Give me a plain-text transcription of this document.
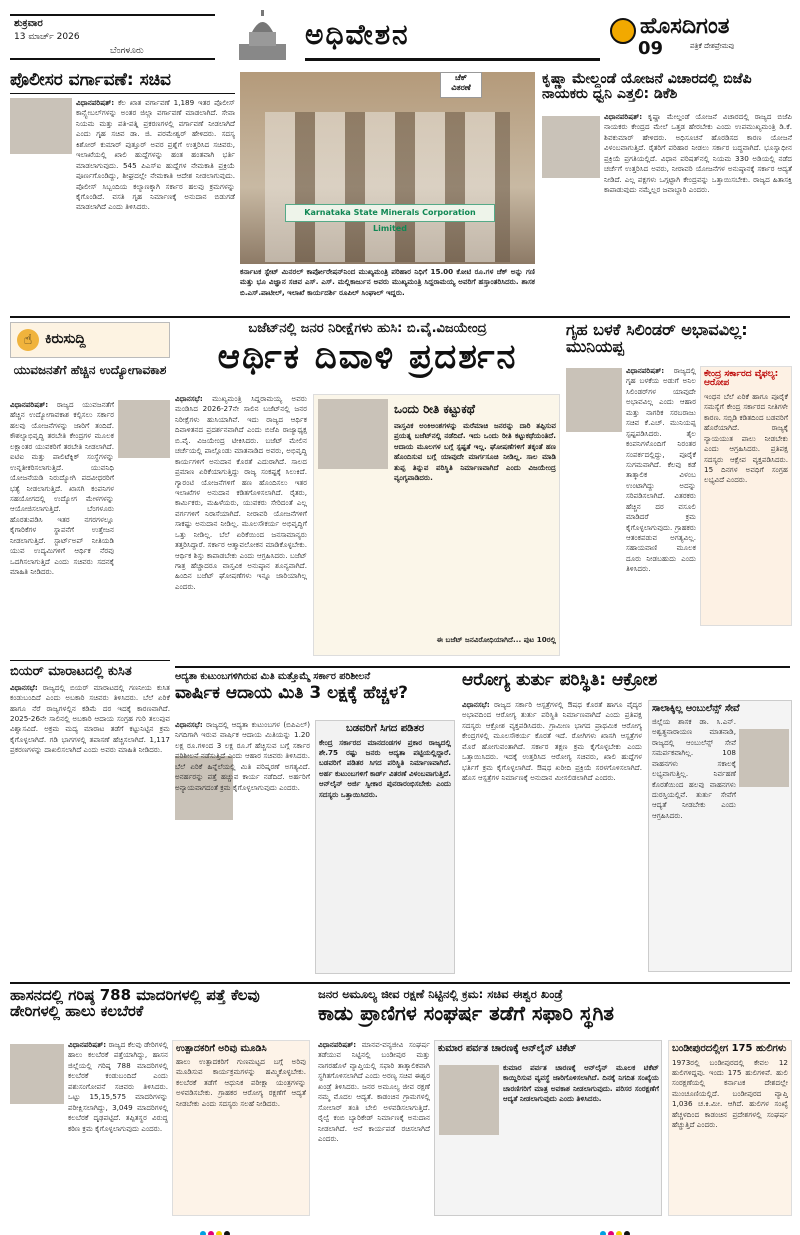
ಶುಕ್ರವಾರ
13 ಮಾರ್ಚ್ 2026
ಬೆಂಗಳೂರು	ಅಧಿವೇಶನ	ಹೊಸದಿಗಂತ
ಪತ್ರಿಕೆ ದೇಶಪ್ರೇಮವು
09
ಪೊಲೀಸರ ವರ್ಗಾವಣೆ: ಸಚಿವ
ವಿಧಾನಪರಿಷತ್: ಕೆಲ ಖಾತ ವರ್ಗಾವಣೆ 1,189 ಇತರ ಪೊಲೀಸ್ ಕಾನ್ಸ್ಟೇಬಲ್‌ಗಳನ್ನು ಅಂತರ ಜಿಲ್ಲಾ ವರ್ಗಾವಣೆ ಮಾಡಲಾಗಿದೆ. ಸೇವಾ ನಿಯಮ ಮತ್ತು ಪತಿ-ಪತ್ನಿ ಪ್ರಕರಣಗಳಲ್ಲಿ ವರ್ಗಾವಣೆ ನೀಡಲಾಗಿದೆ ಎಂದು ಗೃಹ ಸಚಿವ ಡಾ. ಜಿ. ಪರಮೇಶ್ವರ್ ಹೇಳಿದರು. ಸದಸ್ಯ ಕಿಶೋರ್ ಕುಮಾರ್ ಪುತ್ತೂರ್ ಅವರ ಪ್ರಶ್ನೆಗೆ ಉತ್ತರಿಸಿದ ಸಚಿವರು, ಇಲಾಖೆಯಲ್ಲಿ ಖಾಲಿ ಹುದ್ದೆಗಳನ್ನು ಹಂತ ಹಂತವಾಗಿ ಭರ್ತಿ ಮಾಡಲಾಗುವುದು. 545 ಪಿಎಸ್‌ಐ ಹುದ್ದೆಗಳ ನೇಮಕಾತಿ ಪ್ರಕ್ರಿಯೆ ಪೂರ್ಣಗೊಂಡಿದ್ದು, ಶೀಘ್ರದಲ್ಲೇ ನೇಮಕಾತಿ ಆದೇಶ ನೀಡಲಾಗುವುದು. ಪೊಲೀಸ್ ಸಿಬ್ಬಂದಿಯ ಕಲ್ಯಾಣಕ್ಕಾಗಿ ಸರ್ಕಾರ ಹಲವು ಕ್ರಮಗಳನ್ನು ಕೈಗೊಂಡಿದೆ. ವಸತಿ ಗೃಹ ನಿರ್ಮಾಣಕ್ಕೆ ಅನುದಾನ ಬಿಡುಗಡೆ ಮಾಡಲಾಗಿದೆ ಎಂದು ತಿಳಿಸಿದರು.
Karnataka State Minerals Corporation Limited
ಚೆಕ್
ವಿತರಣೆ
ಕರ್ನಾಟಕ ಸ್ಟೇಟ್ ಮಿನರಲ್ ಕಾರ್ಪೋರೇಷನ್‌ನಿಂದ ಮುಖ್ಯಮಂತ್ರಿ ಪರಿಹಾರ ನಿಧಿಗೆ 15.00 ಕೋಟಿ ರೂ.ಗಳ ಚೆಕ್ ಅನ್ನು ಗಣಿ ಮತ್ತು ಭೂ ವಿಜ್ಞಾನ ಸಚಿವ ಎಸ್. ಎಸ್. ಮಲ್ಲಿಕಾರ್ಜುನ ಅವರು ಮುಖ್ಯಮಂತ್ರಿ ಸಿದ್ದರಾಮಯ್ಯ ಅವರಿಗೆ ಹಸ್ತಾಂತರಿಸಿದರು. ಶಾಸಕ ಬಿ.ಎಸ್.ಪಾಟೀಲ್, ಇಲಾಖೆ ಕಾರ್ಯದರ್ಶಿ ರೂಪಿಲ್ ಸಿಂಘಾಲ್ ಇದ್ದರು.
ಕೃಷ್ಣಾ ಮೇಲ್ದಂಡೆ ಯೋಜನೆ ವಿಚಾರದಲ್ಲಿ ಬಿಜೆಪಿ ನಾಯಕರು ಧ್ವನಿ ಎತ್ತಲಿ: ಡಿಕೆಶಿ
ವಿಧಾನಪರಿಷತ್: ಕೃಷ್ಣಾ ಮೇಲ್ದಂಡೆ ಯೋಜನೆ ವಿಚಾರದಲ್ಲಿ ರಾಜ್ಯದ ಬಿಜೆಪಿ ನಾಯಕರು ಕೇಂದ್ರದ ಮೇಲೆ ಒತ್ತಡ ಹೇರಬೇಕು ಎಂದು ಉಪಮುಖ್ಯಮಂತ್ರಿ ಡಿ.ಕೆ. ಶಿವಕುಮಾರ್ ಹೇಳಿದರು. ಅಧಿಸೂಚನೆ ಹೊರಡಿಸದ ಕಾರಣ ಯೋಜನೆ ವಿಳಂಬವಾಗುತ್ತಿದೆ. ರೈತರಿಗೆ ಪರಿಹಾರ ನೀಡಲು ಸರ್ಕಾರ ಬದ್ಧವಾಗಿದೆ. ಭೂಸ್ವಾಧೀನ ಪ್ರಕ್ರಿಯೆ ಪ್ರಗತಿಯಲ್ಲಿದೆ. ವಿಧಾನ ಪರಿಷತ್‌ನಲ್ಲಿ ನಿಯಮ 330 ಅಡಿಯಲ್ಲಿ ನಡೆದ ಚರ್ಚೆಗೆ ಉತ್ತರಿಸಿದ ಅವರು, ನೀರಾವರಿ ಯೋಜನೆಗಳ ಅನುಷ್ಠಾನಕ್ಕೆ ಸರ್ಕಾರ ಆದ್ಯತೆ ನೀಡಿದೆ. ಎಲ್ಲ ಪಕ್ಷಗಳು ಒಗ್ಗಟ್ಟಾಗಿ ಕೇಂದ್ರವನ್ನು ಒತ್ತಾಯಿಸಬೇಕು. ರಾಜ್ಯದ ಹಿತಾಸಕ್ತಿ ಕಾಪಾಡುವುದು ನಮ್ಮೆಲ್ಲರ ಜವಾಬ್ದಾರಿ ಎಂದರು.
☝ ಕಿರುಸುದ್ದಿ
ಯುವಜನತೆಗೆ ಹೆಚ್ಚಿನ ಉದ್ಯೋಗಾವಕಾಶ
ವಿಧಾನಪರಿಷತ್: ರಾಜ್ಯದ ಯುವಜನತೆಗೆ ಹೆಚ್ಚಿನ ಉದ್ಯೋಗಾವಕಾಶ ಕಲ್ಪಿಸಲು ಸರ್ಕಾರ ಹಲವು ಯೋಜನೆಗಳನ್ನು ಜಾರಿಗೆ ತಂದಿದೆ. ಕೌಶಲ್ಯಾಭಿವೃದ್ಧಿ ತರಬೇತಿ ಕೇಂದ್ರಗಳ ಮೂಲಕ ಲಕ್ಷಾಂತರ ಯುವಕರಿಗೆ ತರಬೇತಿ ನೀಡಲಾಗಿದೆ. ಐಟಿಐ ಮತ್ತು ಪಾಲಿಟೆಕ್ನಿಕ್ ಸಂಸ್ಥೆಗಳನ್ನು ಉನ್ನತೀಕರಿಸಲಾಗುತ್ತಿದೆ. ಯುವನಿಧಿ ಯೋಜನೆಯಡಿ ನಿರುದ್ಯೋಗಿ ಪದವೀಧರರಿಗೆ ಭತ್ಯೆ ನೀಡಲಾಗುತ್ತಿದೆ. ಖಾಸಗಿ ಕಂಪನಿಗಳ ಸಹಯೋಗದಲ್ಲಿ ಉದ್ಯೋಗ ಮೇಳಗಳನ್ನು ಆಯೋಜಿಸಲಾಗುತ್ತಿದೆ. ಬೆಂಗಳೂರು ಹೊರತುಪಡಿಸಿ ಇತರ ನಗರಗಳಲ್ಲೂ ಕೈಗಾರಿಕೆಗಳ ಸ್ಥಾಪನೆಗೆ ಉತ್ತೇಜನ ನೀಡಲಾಗುತ್ತಿದೆ. ಸ್ಟಾರ್ಟ್‌ಅಪ್ ನೀತಿಯಡಿ ಯುವ ಉದ್ಯಮಿಗಳಿಗೆ ಆರ್ಥಿಕ ನೆರವು ಒದಗಿಸಲಾಗುತ್ತಿದೆ ಎಂದು ಸಚಿವರು ಸದನಕ್ಕೆ ಮಾಹಿತಿ ನೀಡಿದರು.
ಬಜೆಟ್‌ನಲ್ಲಿ ಜನರ ನಿರೀಕ್ಷೆಗಳು ಹುಸಿ: ಬಿ.ವೈ.ವಿಜಯೇಂದ್ರ
ಆರ್ಥಿಕ ದಿವಾಳಿ ಪ್ರದರ್ಶನ
ವಿಧಾನಸಭೆ: ಮುಖ್ಯಮಂತ್ರಿ ಸಿದ್ದರಾಮಯ್ಯ ಅವರು ಮಂಡಿಸಿದ 2026-27ನೇ ಸಾಲಿನ ಬಜೆಟ್‌ನಲ್ಲಿ ಜನರ ನಿರೀಕ್ಷೆಗಳು ಹುಸಿಯಾಗಿವೆ. ಇದು ರಾಜ್ಯದ ಆರ್ಥಿಕ ದಿವಾಳಿತನದ ಪ್ರದರ್ಶನವಾಗಿದೆ ಎಂದು ಬಿಜೆಪಿ ರಾಜ್ಯಾಧ್ಯಕ್ಷ ಬಿ.ವೈ. ವಿಜಯೇಂದ್ರ ಟೀಕಿಸಿದರು. ಬಜೆಟ್ ಮೇಲಿನ ಚರ್ಚೆಯಲ್ಲಿ ಪಾಲ್ಗೊಂಡು ಮಾತನಾಡಿದ ಅವರು, ಅಭಿವೃದ್ಧಿ ಕಾರ್ಯಗಳಿಗೆ ಅನುದಾನ ಕೊರತೆ ಎದುರಾಗಿದೆ. ಸಾಲದ ಪ್ರಮಾಣ ಏರಿಕೆಯಾಗುತ್ತಿದ್ದು ರಾಜ್ಯ ಸಂಕಷ್ಟಕ್ಕೆ ಸಿಲುಕಿದೆ. ಗ್ಯಾರಂಟಿ ಯೋಜನೆಗಳಿಗೆ ಹಣ ಹೊಂದಿಸಲು ಇತರ ಇಲಾಖೆಗಳ ಅನುದಾನ ಕಡಿತಗೊಳಿಸಲಾಗಿದೆ. ರೈತರು, ಕಾರ್ಮಿಕರು, ಮಹಿಳೆಯರು, ಯುವಕರು ಸೇರಿದಂತೆ ಎಲ್ಲ ವರ್ಗಗಳಿಗೆ ನಿರಾಸೆಯಾಗಿದೆ. ನೀರಾವರಿ ಯೋಜನೆಗಳಿಗೆ ಸಾಕಷ್ಟು ಅನುದಾನ ನೀಡಿಲ್ಲ. ಮೂಲಸೌಕರ್ಯ ಅಭಿವೃದ್ಧಿಗೆ ಒತ್ತು ನೀಡಿಲ್ಲ. ಬೆಲೆ ಏರಿಕೆಯಿಂದ ಜನಸಾಮಾನ್ಯರು ತತ್ತರಿಸಿದ್ದಾರೆ. ಸರ್ಕಾರ ಆತ್ಮಾವಲೋಕನ ಮಾಡಿಕೊಳ್ಳಬೇಕು. ಆರ್ಥಿಕ ಶಿಸ್ತು ಕಾಪಾಡಬೇಕು ಎಂದು ಆಗ್ರಹಿಸಿದರು. ಬಜೆಟ್ ಗಾತ್ರ ಹೆಚ್ಚಾದರೂ ವಾಸ್ತವಿಕ ಅನುಷ್ಠಾನ ಶೂನ್ಯವಾಗಿದೆ. ಹಿಂದಿನ ಬಜೆಟ್ ಘೋಷಣೆಗಳು ಇನ್ನೂ ಜಾರಿಯಾಗಿಲ್ಲ ಎಂದರು.
ಒಂದು ರೀತಿ ಕಟ್ಟುಕಥೆ
ವಾಸ್ತವಿಕ ಅಂಕಿಅಂಶಗಳನ್ನು ಮರೆಮಾಚಿ ಜನರನ್ನು ದಾರಿ ತಪ್ಪಿಸುವ ಪ್ರಯತ್ನ ಬಜೆಟ್‌ನಲ್ಲಿ ನಡೆದಿದೆ. ಇದು ಒಂದು ರೀತಿ ಕಟ್ಟುಕಥೆಯಂತಿದೆ. ಆದಾಯ ಮೂಲಗಳ ಬಗ್ಗೆ ಸ್ಪಷ್ಟತೆ ಇಲ್ಲ. ಘೋಷಣೆಗಳಿಗೆ ತಕ್ಕಂತೆ ಹಣ ಹೊಂದಿಸುವ ಬಗ್ಗೆ ಯಾವುದೇ ಮಾರ್ಗಸೂಚಿ ನೀಡಿಲ್ಲ. ಸಾಲ ಮಾಡಿ ತುಪ್ಪ ತಿನ್ನುವ ಪರಿಸ್ಥಿತಿ ನಿರ್ಮಾಣವಾಗಿದೆ ಎಂದು ವಿಜಯೇಂದ್ರ ವ್ಯಂಗ್ಯವಾಡಿದರು.
ಈ ಬಜೆಟ್ ಜನವಿರೋಧಿಯಾಗಿದೆ... ಪುಟ 10ರಲ್ಲಿ
ಗೃಹ ಬಳಕೆ ಸಿಲಿಂಡರ್ ಅಭಾವವಿಲ್ಲ: ಮುನಿಯಪ್ಪ
ವಿಧಾನಪರಿಷತ್: ರಾಜ್ಯದಲ್ಲಿ ಗೃಹ ಬಳಕೆಯ ಅಡುಗೆ ಅನಿಲ ಸಿಲಿಂಡರ್‌ಗಳ ಯಾವುದೇ ಅಭಾವವಿಲ್ಲ ಎಂದು ಆಹಾರ ಮತ್ತು ನಾಗರಿಕ ಸರಬರಾಜು ಸಚಿವ ಕೆ.ಎಚ್. ಮುನಿಯಪ್ಪ ಸ್ಪಷ್ಟಪಡಿಸಿದರು. ತೈಲ ಕಂಪನಿಗಳೊಂದಿಗೆ ನಿರಂತರ ಸಂಪರ್ಕದಲ್ಲಿದ್ದು, ಪೂರೈಕೆ ಸುಗಮವಾಗಿದೆ. ಕೆಲವು ಕಡೆ ತಾತ್ಕಾಲಿಕ ವಿಳಂಬ ಉಂಟಾಗಿದ್ದು ಅದನ್ನು ಸರಿಪಡಿಸಲಾಗಿದೆ. ವಿತರಕರು ಹೆಚ್ಚಿನ ದರ ವಸೂಲಿ ಮಾಡಿದರೆ ಕ್ರಮ ಕೈಗೊಳ್ಳಲಾಗುವುದು. ಗ್ರಾಹಕರು ಆತಂಕಪಡುವ ಅಗತ್ಯವಿಲ್ಲ. ಸಹಾಯವಾಣಿ ಮೂಲಕ ದೂರು ನೀಡಬಹುದು ಎಂದು ತಿಳಿಸಿದರು.
ಕೇಂದ್ರ ಸರ್ಕಾರದ ವೈಫಲ್ಯ: ಆರೋಪ
ಇಂಧನ ಬೆಲೆ ಏರಿಕೆ ಹಾಗೂ ಪೂರೈಕೆ ಸಮಸ್ಯೆಗೆ ಕೇಂದ್ರ ಸರ್ಕಾರದ ನೀತಿಗಳೇ ಕಾರಣ. ಸಬ್ಸಿಡಿ ಕಡಿತದಿಂದ ಬಡವರಿಗೆ ಹೊರೆಯಾಗಿದೆ. ರಾಜ್ಯಕ್ಕೆ ನ್ಯಾಯಯುತ ಪಾಲು ನೀಡಬೇಕು ಎಂದು ಆಗ್ರಹಿಸಿದರು. ಪ್ರತಿಪಕ್ಷ ಸದಸ್ಯರು ಆಕ್ಷೇಪ ವ್ಯಕ್ತಪಡಿಸಿದರು. 15 ದಿನಗಳ ಅವಧಿಗೆ ಸಂಗ್ರಹ ಲಭ್ಯವಿದೆ ಎಂದರು.
ಬಿಯರ್ ಮಾರಾಟದಲ್ಲಿ ಕುಸಿತ
ವಿಧಾನಸಭೆ: ರಾಜ್ಯದಲ್ಲಿ ಬಿಯರ್ ಮಾರಾಟದಲ್ಲಿ ಗಣನೀಯ ಕುಸಿತ ಕಂಡುಬಂದಿದೆ ಎಂದು ಅಬಕಾರಿ ಸಚಿವರು ತಿಳಿಸಿದರು. ಬೆಲೆ ಏರಿಕೆ ಹಾಗೂ ನೆರೆ ರಾಜ್ಯಗಳಲ್ಲಿನ ಕಡಿಮೆ ದರ ಇದಕ್ಕೆ ಕಾರಣವಾಗಿದೆ. 2025-26ನೇ ಸಾಲಿನಲ್ಲಿ ಅಬಕಾರಿ ಆದಾಯ ಸಂಗ್ರಹ ಗುರಿ ತಲುಪುವ ವಿಶ್ವಾಸವಿದೆ. ಅಕ್ರಮ ಮದ್ಯ ಮಾರಾಟ ತಡೆಗೆ ಕಟ್ಟುನಿಟ್ಟಿನ ಕ್ರಮ ಕೈಗೊಳ್ಳಲಾಗಿದೆ. ಗಡಿ ಭಾಗಗಳಲ್ಲಿ ತಪಾಸಣೆ ಹೆಚ್ಚಿಸಲಾಗಿದೆ. 1,117 ಪ್ರಕರಣಗಳನ್ನು ದಾಖಲಿಸಲಾಗಿದೆ ಎಂದು ಅವರು ಮಾಹಿತಿ ನೀಡಿದರು.
ಆದ್ಯತಾ ಕುಟುಂಬಗಳಿಗಿರುವ ಮಿತಿ ಮತ್ತೊಮ್ಮೆ ಸರ್ಕಾರ ಪರಿಶೀಲನೆ
ವಾರ್ಷಿಕ ಆದಾಯ ಮಿತಿ 3 ಲಕ್ಷಕ್ಕೆ ಹೆಚ್ಚಳ?
ವಿಧಾನಸಭೆ: ರಾಜ್ಯದಲ್ಲಿ ಆದ್ಯತಾ ಕುಟುಂಬಗಳ (ಬಿಪಿಎಲ್) ನಿಗದಿಗಾಗಿ ಇರುವ ವಾರ್ಷಿಕ ಆದಾಯ ಮಿತಿಯನ್ನು 1.20 ಲಕ್ಷ ರೂ.ಗಳಿಂದ 3 ಲಕ್ಷ ರೂ.ಗೆ ಹೆಚ್ಚಿಸುವ ಬಗ್ಗೆ ಸರ್ಕಾರ ಪರಿಶೀಲನೆ ನಡೆಸುತ್ತಿದೆ ಎಂದು ಆಹಾರ ಸಚಿವರು ತಿಳಿಸಿದರು. ಬೆಲೆ ಏರಿಕೆ ಹಿನ್ನೆಲೆಯಲ್ಲಿ ಮಿತಿ ಪರಿಷ್ಕರಣೆ ಅಗತ್ಯವಿದೆ. ಅನರ್ಹರನ್ನು ಪತ್ತೆ ಹಚ್ಚುವ ಕಾರ್ಯ ನಡೆದಿದೆ. ಅರ್ಹರಿಗೆ ಅನ್ಯಾಯವಾಗದಂತೆ ಕ್ರಮ ಕೈಗೊಳ್ಳಲಾಗುವುದು ಎಂದರು.
ಬಡವರಿಗೆ ಸಿಗದ ಪಡಿತರ
ಕೇಂದ್ರ ಸರ್ಕಾರದ ಮಾನದಂಡಗಳ ಪ್ರಕಾರ ರಾಜ್ಯದಲ್ಲಿ ಶೇ.75 ರಷ್ಟು ಜನರು ಆದ್ಯತಾ ಪಟ್ಟಿಯಲ್ಲಿದ್ದಾರೆ. ಬಡವರಿಗೆ ಪಡಿತರ ಸಿಗದ ಪರಿಸ್ಥಿತಿ ನಿರ್ಮಾಣವಾಗಿದೆ. ಅರ್ಹ ಕುಟುಂಬಗಳಿಗೆ ಕಾರ್ಡ್ ವಿತರಣೆ ವಿಳಂಬವಾಗುತ್ತಿದೆ. ಆನ್‌ಲೈನ್ ಅರ್ಜಿ ಸ್ವೀಕಾರ ಪುನರಾರಂಭಿಸಬೇಕು ಎಂದು ಸದಸ್ಯರು ಒತ್ತಾಯಿಸಿದರು.
ಆರೋಗ್ಯ ತುರ್ತು ಪರಿಸ್ಥಿತಿ: ಆಕ್ರೋಶ
ವಿಧಾನಸಭೆ: ರಾಜ್ಯದ ಸರ್ಕಾರಿ ಆಸ್ಪತ್ರೆಗಳಲ್ಲಿ ಔಷಧ ಕೊರತೆ ಹಾಗೂ ವೈದ್ಯರ ಅಭಾವದಿಂದ ಆರೋಗ್ಯ ತುರ್ತು ಪರಿಸ್ಥಿತಿ ನಿರ್ಮಾಣವಾಗಿದೆ ಎಂದು ಪ್ರತಿಪಕ್ಷ ಸದಸ್ಯರು ಆಕ್ರೋಶ ವ್ಯಕ್ತಪಡಿಸಿದರು. ಗ್ರಾಮೀಣ ಭಾಗದ ಪ್ರಾಥಮಿಕ ಆರೋಗ್ಯ ಕೇಂದ್ರಗಳಲ್ಲಿ ಮೂಲಸೌಕರ್ಯ ಕೊರತೆ ಇದೆ. ರೋಗಿಗಳು ಖಾಸಗಿ ಆಸ್ಪತ್ರೆಗಳ ಮೊರೆ ಹೋಗುವಂತಾಗಿದೆ. ಸರ್ಕಾರ ತಕ್ಷಣ ಕ್ರಮ ಕೈಗೊಳ್ಳಬೇಕು ಎಂದು ಒತ್ತಾಯಿಸಿದರು. ಇದಕ್ಕೆ ಉತ್ತರಿಸಿದ ಆರೋಗ್ಯ ಸಚಿವರು, ಖಾಲಿ ಹುದ್ದೆಗಳ ಭರ್ತಿಗೆ ಕ್ರಮ ಕೈಗೊಳ್ಳಲಾಗಿದೆ. ಔಷಧ ಖರೀದಿ ಪ್ರಕ್ರಿಯೆ ಸರಳಗೊಳಿಸಲಾಗಿದೆ. ಹೊಸ ಆಸ್ಪತ್ರೆಗಳ ನಿರ್ಮಾಣಕ್ಕೆ ಅನುದಾನ ಮೀಸಲಿಡಲಾಗಿದೆ ಎಂದರು.
ಸಾಲಾಕ್ಕಿಲ್ಲ ಆಂಬುಲೆನ್ಸ್ ಸೇವೆ
ಜಿಲ್ಲೆಯ ಶಾಸಕ ಡಾ. ಸಿ.ಎನ್. ಅಶ್ವತ್ಥನಾರಾಯಣ ಮಾತನಾಡಿ, ರಾಜ್ಯದಲ್ಲಿ ಆಂಬುಲೆನ್ಸ್ ಸೇವೆ ಸಮರ್ಪಕವಾಗಿಲ್ಲ. 108 ವಾಹನಗಳು ಸಕಾಲಕ್ಕೆ ಲಭ್ಯವಾಗುತ್ತಿಲ್ಲ. ನಿರ್ವಹಣೆ ಕೊರತೆಯಿಂದ ಹಲವು ವಾಹನಗಳು ದುರಸ್ತಿಯಲ್ಲಿವೆ. ತುರ್ತು ಸೇವೆಗೆ ಆದ್ಯತೆ ನೀಡಬೇಕು ಎಂದು ಆಗ್ರಹಿಸಿದರು.
ಹಾಸನದಲ್ಲಿ ಗರಿಷ್ಠ 788 ಮಾದರಿಗಳಲ್ಲಿ ಪತ್ತೆ ಕೆಲವು ಡೇರಿಗಳಲ್ಲಿ ಹಾಲು ಕಲಬೆರಕೆ
ವಿಧಾನಪರಿಷತ್: ರಾಜ್ಯದ ಕೆಲವು ಡೇರಿಗಳಲ್ಲಿ ಹಾಲು ಕಲಬೆರಕೆ ಪತ್ತೆಯಾಗಿದ್ದು, ಹಾಸನ ಜಿಲ್ಲೆಯಲ್ಲಿ ಗರಿಷ್ಠ 788 ಮಾದರಿಗಳಲ್ಲಿ ಕಲಬೆರಕೆ ಕಂಡುಬಂದಿದೆ ಎಂದು ಪಶುಸಂಗೋಪನೆ ಸಚಿವರು ತಿಳಿಸಿದರು. ಒಟ್ಟು 15,15,575 ಮಾದರಿಗಳನ್ನು ಪರೀಕ್ಷಿಸಲಾಗಿದ್ದು, 3,049 ಮಾದರಿಗಳಲ್ಲಿ ಕಲಬೆರಕೆ ದೃಢಪಟ್ಟಿದೆ. ತಪ್ಪಿತಸ್ಥರ ವಿರುದ್ಧ ಕಠಿಣ ಕ್ರಮ ಕೈಗೊಳ್ಳಲಾಗುವುದು ಎಂದರು.
ಉತ್ಪಾದಕರಿಗೆ ಅರಿವು ಮೂಡಿಸಿ
ಹಾಲು ಉತ್ಪಾದಕರಿಗೆ ಗುಣಮಟ್ಟದ ಬಗ್ಗೆ ಅರಿವು ಮೂಡಿಸುವ ಕಾರ್ಯಕ್ರಮಗಳನ್ನು ಹಮ್ಮಿಕೊಳ್ಳಬೇಕು. ಕಲಬೆರಕೆ ತಡೆಗೆ ಆಧುನಿಕ ಪರೀಕ್ಷಾ ಯಂತ್ರಗಳನ್ನು ಅಳವಡಿಸಬೇಕು. ಗ್ರಾಹಕರ ಆರೋಗ್ಯ ರಕ್ಷಣೆಗೆ ಆದ್ಯತೆ ನೀಡಬೇಕು ಎಂದು ಸದಸ್ಯರು ಸಲಹೆ ನೀಡಿದರು.
ಜನರ ಅಮೂಲ್ಯ ಜೀವ ರಕ್ಷಣೆ ನಿಟ್ಟಿನಲ್ಲಿ ಕ್ರಮ: ಸಚಿವ ಈಶ್ವರ ಖಂಡ್ರೆ
ಕಾಡು ಪ್ರಾಣಿಗಳ ಸಂಘರ್ಷ ತಡೆಗೆ ಸಫಾರಿ ಸ್ಥಗಿತ
ವಿಧಾನಪರಿಷತ್: ಮಾನವ-ವನ್ಯಜೀವಿ ಸಂಘರ್ಷ ತಡೆಯುವ ನಿಟ್ಟಿನಲ್ಲಿ ಬಂಡೀಪುರ ಮತ್ತು ನಾಗರಹೊಳೆ ವ್ಯಾಪ್ತಿಯಲ್ಲಿ ಸಫಾರಿ ತಾತ್ಕಾಲಿಕವಾಗಿ ಸ್ಥಗಿತಗೊಳಿಸಲಾಗಿದೆ ಎಂದು ಅರಣ್ಯ ಸಚಿವ ಈಶ್ವರ ಖಂಡ್ರೆ ತಿಳಿಸಿದರು. ಜನರ ಅಮೂಲ್ಯ ಜೀವ ರಕ್ಷಣೆ ನಮ್ಮ ಮೊದಲ ಆದ್ಯತೆ. ಕಾಡಂಚಿನ ಗ್ರಾಮಗಳಲ್ಲಿ ಸೋಲಾರ್ ತಂತಿ ಬೇಲಿ ಅಳವಡಿಸಲಾಗುತ್ತಿದೆ. ರೈಲ್ವೆ ಕಂಬಿ ಬ್ಯಾರಿಕೇಡ್ ನಿರ್ಮಾಣಕ್ಕೆ ಅನುದಾನ ನೀಡಲಾಗಿದೆ. ಆನೆ ಕಾರ್ಯಪಡೆ ರಚಿಸಲಾಗಿದೆ ಎಂದರು.
ಕುಮಾರ ಪರ್ವತ ಚಾರಣಕ್ಕೆ ಆನ್‌ಲೈನ್ ಟಿಕೆಟ್
ಕುಮಾರ ಪರ್ವತ ಚಾರಣಕ್ಕೆ ಆನ್‌ಲೈನ್ ಮೂಲಕ ಟಿಕೆಟ್ ಕಾಯ್ದಿರಿಸುವ ವ್ಯವಸ್ಥೆ ಜಾರಿಗೊಳಿಸಲಾಗಿದೆ. ದಿನಕ್ಕೆ ನಿಗದಿತ ಸಂಖ್ಯೆಯ ಚಾರಣಿಗರಿಗೆ ಮಾತ್ರ ಅವಕಾಶ ನೀಡಲಾಗುವುದು. ಪರಿಸರ ಸಂರಕ್ಷಣೆಗೆ ಆದ್ಯತೆ ನೀಡಲಾಗುವುದು ಎಂದು ತಿಳಿಸಿದರು.
ಬಂಡೀಪುರದಲ್ಲೀಗ 175 ಹುಲಿಗಳು
1973ರಲ್ಲಿ ಬಂಡೀಪುರದಲ್ಲಿ ಕೇವಲ 12 ಹುಲಿಗಳಿದ್ದವು. ಇಂದು 175 ಹುಲಿಗಳಿವೆ. ಹುಲಿ ಸಂರಕ್ಷಣೆಯಲ್ಲಿ ಕರ್ನಾಟಕ ದೇಶದಲ್ಲೇ ಮುಂಚೂಣಿಯಲ್ಲಿದೆ. ಬಂಡೀಪುರದ ವ್ಯಾಪ್ತಿ 1,036 ಚ.ಕಿ.ಮೀ. ಆಗಿದೆ. ಹುಲಿಗಳ ಸಂಖ್ಯೆ ಹೆಚ್ಚಳದಿಂದ ಕಾಡಂಚಿನ ಪ್ರದೇಶಗಳಲ್ಲಿ ಸಂಘರ್ಷ ಹೆಚ್ಚುತ್ತಿದೆ ಎಂದರು.
